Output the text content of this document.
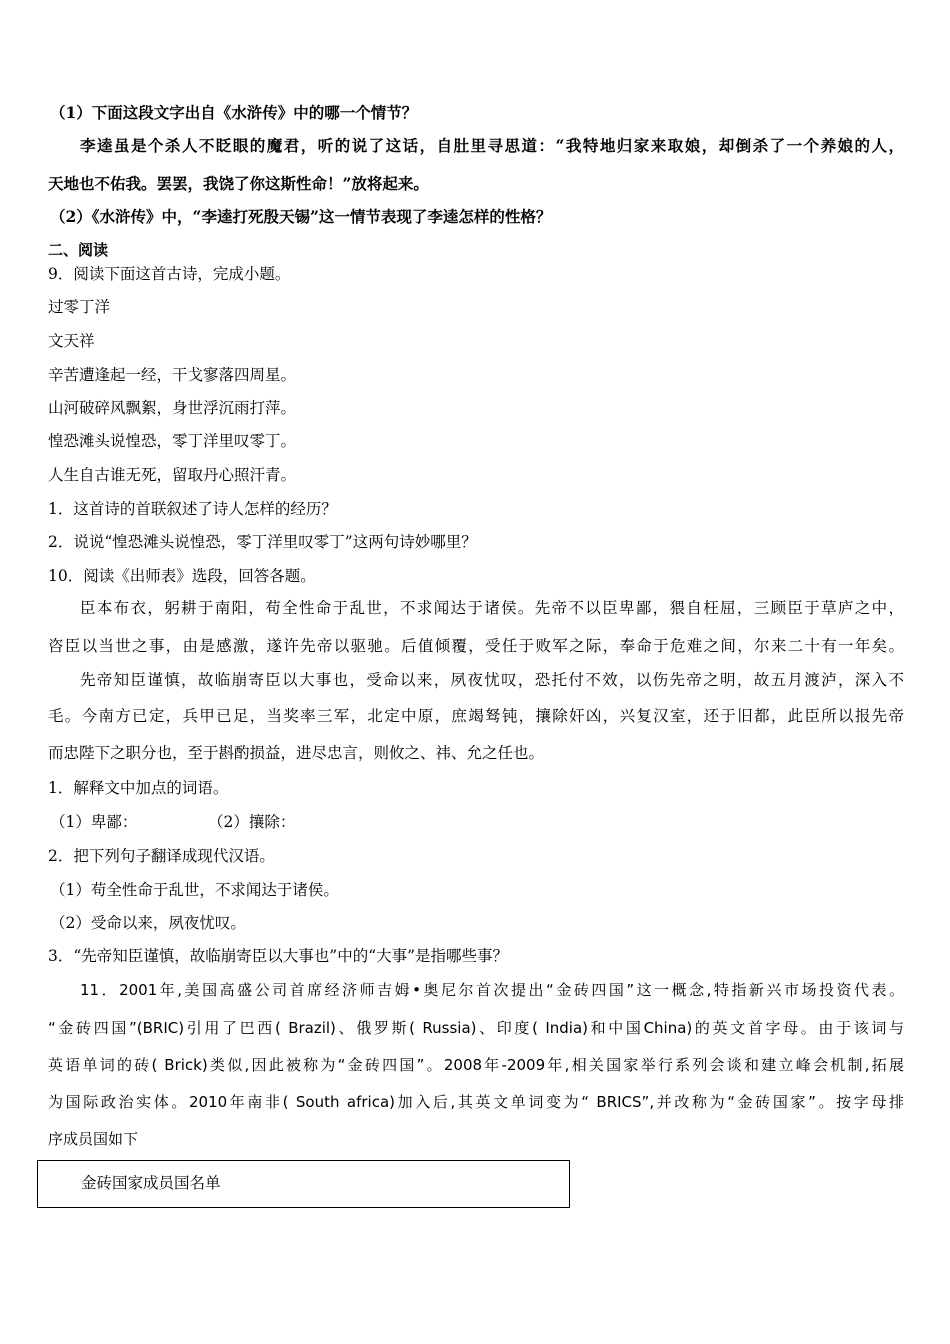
（1）下面这段文字出自《水浒传》中的哪一个情节？
李逵虽是个杀人不眨眼的魔君，听的说了这话，自肚里寻思道：“我特地归家来取娘，却倒杀了一个养娘的人，
天地也不佑我。罢罢，我饶了你这斯性命！”放将起来。
（2）《水浒传》中，“李逵打死殷天锡”这一情节表现了李逵怎样的性格？
二、阅读
9．阅读下面这首古诗，完成小题。
过零丁洋
文天祥
辛苦遭逢起一经，干戈寥落四周星。
山河破碎风飘絮，身世浮沉雨打萍。
惶恐滩头说惶恐，零丁洋里叹零丁。
人生自古谁无死，留取丹心照汗青。
1．这首诗的首联叙述了诗人怎样的经历？
2．说说“惶恐滩头说惶恐，零丁洋里叹零丁”这两句诗妙哪里？
10．阅读《出师表》选段，回答各题。
臣本布衣，躬耕于南阳，苟全性命于乱世，不求闻达于诸侯。先帝不以臣卑鄙，猥自枉屈，三顾臣于草庐之中，
咨臣以当世之事，由是感激，遂许先帝以驱驰。后值倾覆，受任于败军之际，奉命于危难之间，尔来二十有一年矣。
先帝知臣谨慎，故临崩寄臣以大事也，受命以来，夙夜忧叹，恐托付不效，以伤先帝之明，故五月渡泸，深入不
毛。今南方已定，兵甲已足，当奖率三军，北定中原，庶竭驽钝，攘除奸凶，兴复汉室，还于旧都，此臣所以报先帝
而忠陛下之职分也，至于斟酌损益，进尽忠言，则攸之、祎、允之任也。
1．解释文中加点的词语。
（1）卑鄙：	（2）攘除：
2．把下列句子翻译成现代汉语。
（1）苟全性命于乱世，不求闻达于诸侯。
（2）受命以来，夙夜忧叹。
3．“先帝知臣谨慎，故临崩寄臣以大事也”中的“大事”是指哪些事？
11．2001年,美国高盛公司首席经济师吉姆•奥尼尔首次提出“金砖四国”这一概念,特指新兴市场投资代表。
“金砖四国”(BRIC)引用了巴西( Brazil)、俄罗斯( Russia)、印度( India)和中国China)的英文首字母。由于该词与
英语单词的砖( Brick)类似,因此被称为“金砖四国”。2008年-2009年,相关国家举行系列会谈和建立峰会机制,拓展
为国际政治实体。2010年南非( South africa)加入后,其英文单词变为“ BRICS”,并改称为“金砖国家”。按字母排
序成员国如下
金砖国家成员国名单
